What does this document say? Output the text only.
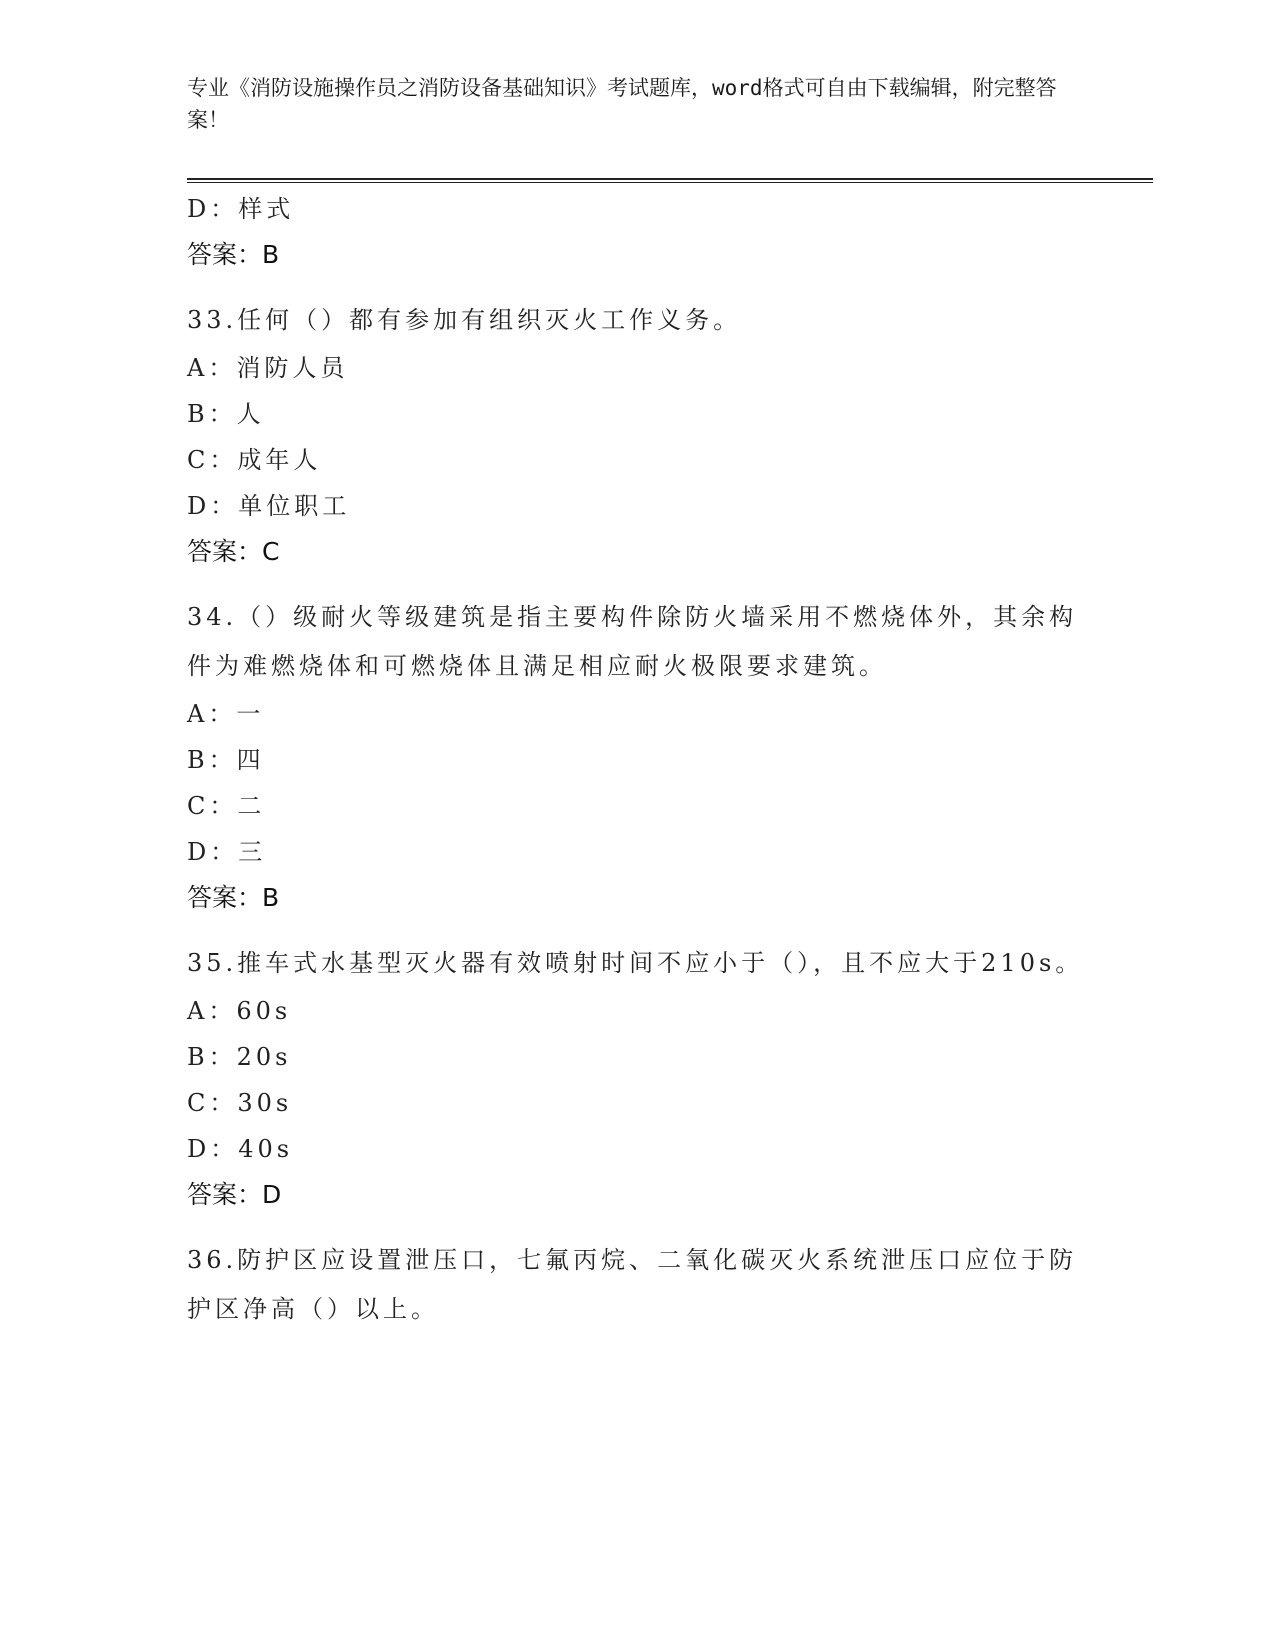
专业《消防设施操作员之消防设备基础知识》考试题库，word格式可自由下载编辑，附完整答案！
D：样式
答案：B
33.任何（）都有参加有组织灭火工作义务。
A：消防人员
B：人
C：成年人
D：单位职工
答案：C
34.（）级耐火等级建筑是指主要构件除防火墙采用不燃烧体外，其余构件为难燃烧体和可燃烧体且满足相应耐火极限要求建筑。
A：一
B：四
C：二
D：三
答案：B
35.推车式水基型灭火器有效喷射时间不应小于（），且不应大于210s。
A：60s
B：20s
C：30s
D：40s
答案：D
36.防护区应设置泄压口，七氟丙烷、二氧化碳灭火系统泄压口应位于防护区净高（）以上。
